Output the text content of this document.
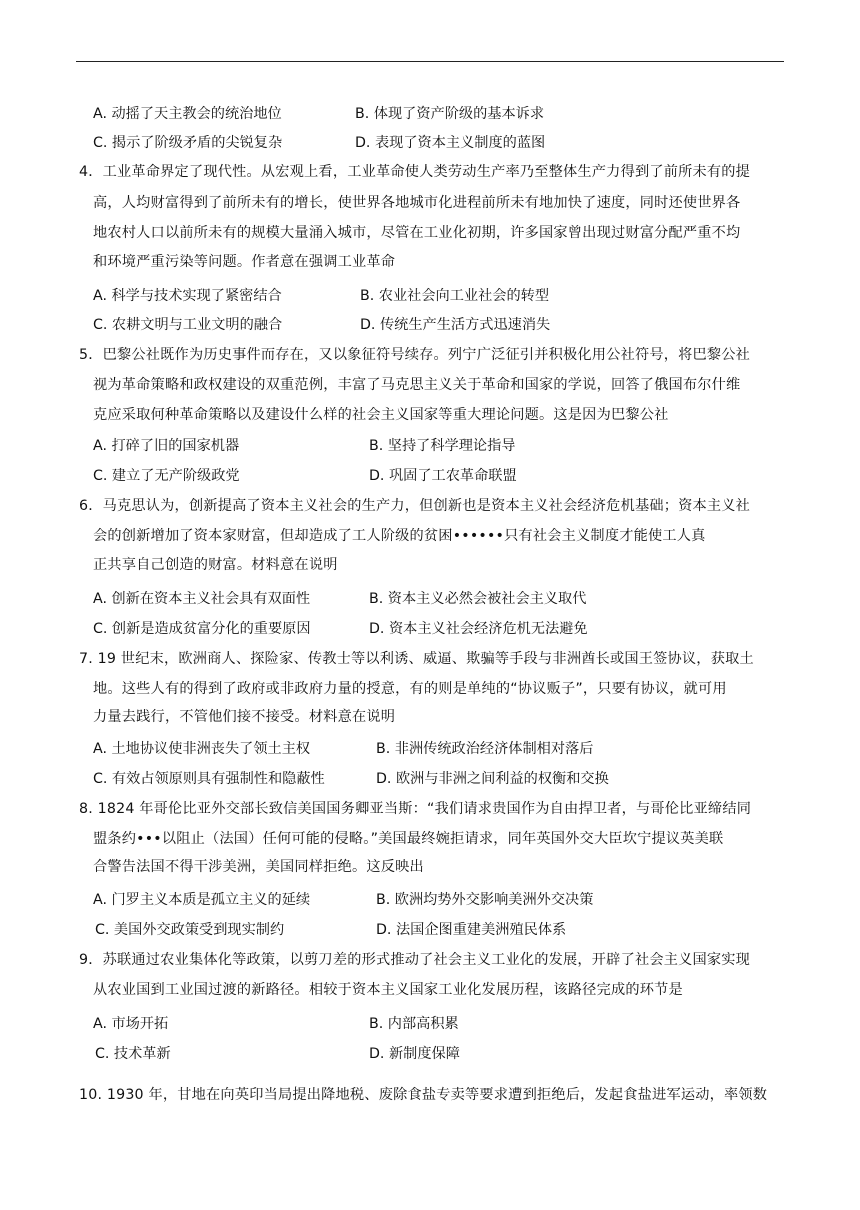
A. 动摇了天主教会的统治地位	B. 体现了资产阶级的基本诉求
C. 揭示了阶级矛盾的尖锐复杂	D. 表现了资本主义制度的蓝图
4．工业革命界定了现代性。从宏观上看，工业革命使人类劳动生产率乃至整体生产力得到了前所未有的提
高，人均财富得到了前所未有的增长，使世界各地城市化进程前所未有地加快了速度，同时还使世界各
地农村人口以前所未有的规模大量涌入城市，尽管在工业化初期，许多国家曾出现过财富分配严重不均
和环境严重污染等问题。作者意在强调工业革命
A. 科学与技术实现了紧密结合	B. 农业社会向工业社会的转型
C. 农耕文明与工业文明的融合	D. 传统生产生活方式迅速消失
5．巴黎公社既作为历史事件而存在，又以象征符号续存。列宁广泛征引并积极化用公社符号，将巴黎公社
视为革命策略和政权建设的双重范例，丰富了马克思主义关于革命和国家的学说，回答了俄国布尔什维
克应采取何种革命策略以及建设什么样的社会主义国家等重大理论问题。这是因为巴黎公社
A. 打碎了旧的国家机器	B. 坚持了科学理论指导
C. 建立了无产阶级政党	D. 巩固了工农革命联盟
6．马克思认为，创新提高了资本主义社会的生产力，但创新也是资本主义社会经济危机基础；资本主义社
会的创新增加了资本家财富，但却造成了工人阶级的贫困••••••只有社会主义制度才能使工人真
正共享自己创造的财富。材料意在说明
A. 创新在资本主义社会具有双面性	B. 资本主义必然会被社会主义取代
C. 创新是造成贫富分化的重要原因	D. 资本主义社会经济危机无法避免
7. 19 世纪末，欧洲商人、探险家、传教士等以利诱、威逼、欺骗等手段与非洲酋长或国王签协议，获取土
地。这些人有的得到了政府或非政府力量的授意，有的则是单纯的“协议贩子”，只要有协议，就可用
力量去践行，不管他们接不接受。材料意在说明
A. 土地协议使非洲丧失了领土主权	B. 非洲传统政治经济体制相对落后
C. 有效占领原则具有强制性和隐蔽性	D. 欧洲与非洲之间利益的权衡和交换
8. 1824 年哥伦比亚外交部长致信美国国务卿亚当斯：“我们请求贵国作为自由捍卫者，与哥伦比亚缔结同
盟条约•••以阻止（法国）任何可能的侵略。”美国最终婉拒请求，同年英国外交大臣坎宁提议英美联
合警告法国不得干涉美洲，美国同样拒绝。这反映出
A. 门罗主义本质是孤立主义的延续	B. 欧洲均势外交影响美洲外交决策
C. 美国外交政策受到现实制约	D. 法国企图重建美洲殖民体系
9．苏联通过农业集体化等政策，以剪刀差的形式推动了社会主义工业化的发展，开辟了社会主义国家实现
从农业国到工业国过渡的新路径。相较于资本主义国家工业化发展历程，该路径完成的环节是
A. 市场开拓	B. 内部高积累
C. 技术革新	D. 新制度保障
10. 1930 年，甘地在向英印当局提出降地税、废除食盐专卖等要求遭到拒绝后，发起食盐进军运动，率领数
